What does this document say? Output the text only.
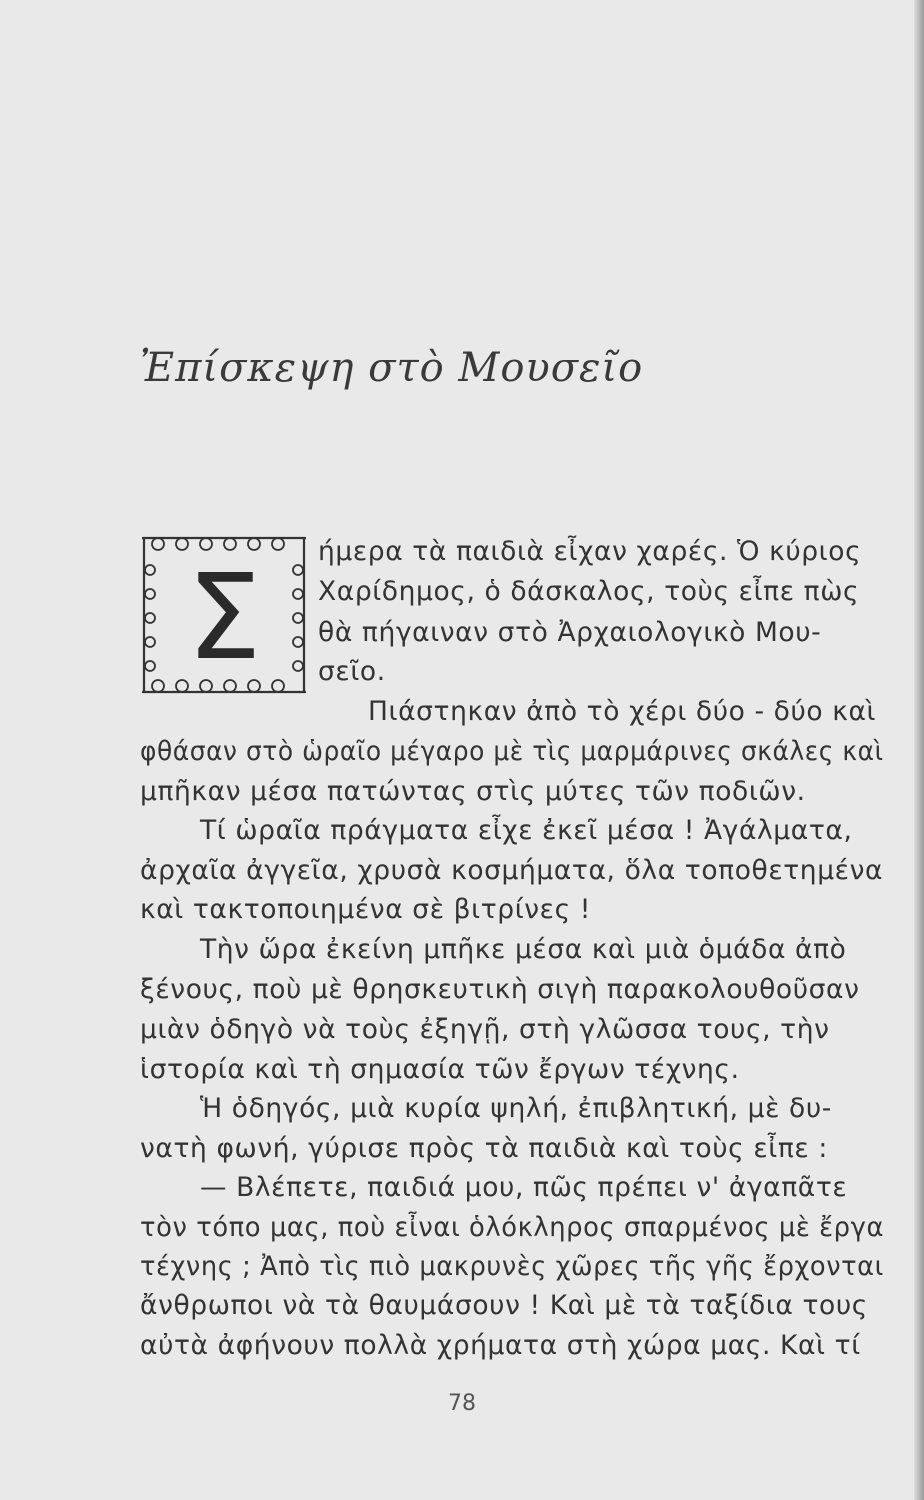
Ἐπίσκεψη στὸ Μουσεῖο
Σ ήμερα τὰ παιδιὰ εἶχαν χαρές. Ὁ κύριος
Χαρίδημος, ὁ δάσκαλος, τοὺς εἶπε πὼς
θὰ πήγαιναν στὸ Ἀρχαιολογικὸ Μου-
σεῖο.
Πιάστηκαν ἀπὸ τὸ χέρι δύο - δύο καὶ
φθάσαν στὸ ὡραῖο μέγαρο μὲ τὶς μαρμάρινες σκάλες καὶ
μπῆκαν μέσα πατώντας στὶς μύτες τῶν ποδιῶν.
Τί ὡραῖα πράγματα εἶχε ἐκεῖ μέσα ! Ἀγάλματα,
ἀρχαῖα ἀγγεῖα, χρυσὰ κοσμήματα, ὅλα τοποθετημένα
καὶ τακτοποιημένα σὲ βιτρίνες !
Τὴν ὥρα ἐκείνη μπῆκε μέσα καὶ μιὰ ὁμάδα ἀπὸ
ξένους, ποὺ μὲ θρησκευτικὴ σιγὴ παρακολουθοῦσαν
μιὰν ὁδηγὸ νὰ τοὺς ἐξηγῇ, στὴ γλῶσσα τους, τὴν
ἱστορία καὶ τὴ σημασία τῶν ἔργων τέχνης.
Ἡ ὁδηγός, μιὰ κυρία ψηλή, ἐπιβλητική, μὲ δυ-
νατὴ φωνή, γύρισε πρὸς τὰ παιδιὰ καὶ τοὺς εἶπε :
— Βλέπετε, παιδιά μου, πῶς πρέπει ν' ἀγαπᾶτε
τὸν τόπο μας, ποὺ εἶναι ὁλόκληρος σπαρμένος μὲ ἔργα
τέχνης ; Ἀπὸ τὶς πιὸ μακρυνὲς χῶρες τῆς γῆς ἔρχονται
ἄνθρωποι νὰ τὰ θαυμάσουν ! Καὶ μὲ τὰ ταξίδια τους
αὐτὰ ἀφήνουν πολλὰ χρήματα στὴ χώρα μας. Καὶ τί
78
